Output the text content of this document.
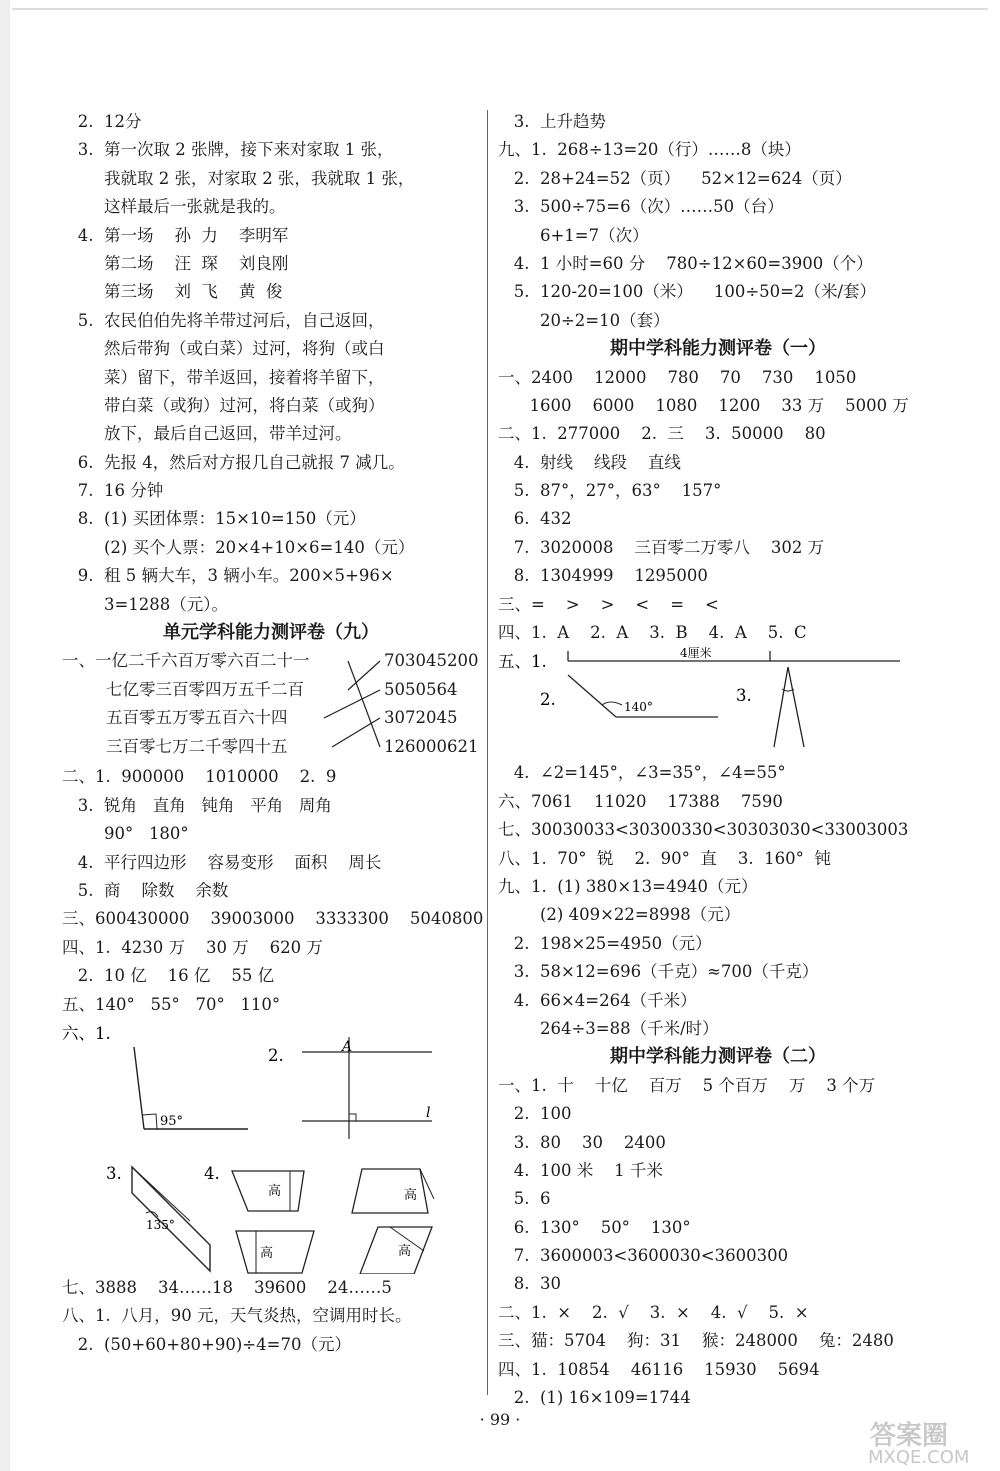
2.  12分
3.  第一次取 2 张牌，接下来对家取 1 张，
我就取 2 张，对家取 2 张，我就取 1 张，
这样最后一张就是我的。
4.  第一场    孙  力    李明军
第二场    汪  琛    刘良刚
第三场    刘  飞    黄  俊
5.  农民伯伯先将羊带过河后，自己返回，
然后带狗（或白菜）过河，将狗（或白
菜）留下，带羊返回，接着将羊留下，
带白菜（或狗）过河，将白菜（或狗）
放下，最后自己返回，带羊过河。
6.  先报 4，然后对方报几自己就报 7 减几。
7.  16 分钟
8.  (1) 买团体票：15×10=150（元）
(2) 买个人票：20×4+10×6=140（元）
9.  租 5 辆大车，3 辆小车。200×5+96×
3=1288（元）。
单元学科能力测评卷（九）
一、一亿二千六百万零六百二十一
七亿零三百零四万五千二百
五百零五万零五百六十四
三百零七万二千零四十五
703045200
5050564
3072045
126000621
二、1.  900000    1010000    2.  9
3.  锐角   直角   钝角   平角   周角
90°   180°
4.  平行四边形    容易变形    面积    周长
5.  商    除数    余数
三、600430000    39003000    3333300    5040800
四、1.  4230 万    30 万    620 万
2.  10 亿    16 亿    55 亿
五、140°   55°   70°   110°
六、1.
95°
2.	A
l
3.
135°
4.
高	高
高	高
七、3888    34……18    39600    24……5
八、1.  八月，90 元，天气炎热，空调用时长。
2.  (50+60+80+90)÷4=70（元）
3.  上升趋势
九、1.  268÷13=20（行）……8（块）
2.  28+24=52（页）    52×12=624（页）
3.  500÷75=6（次）……50（台）
6+1=7（次）
4.  1 小时=60 分    780÷12×60=3900（个）
5.  120-20=100（米）    100÷50=2（米/套）
20÷2=10（套）
期中学科能力测评卷（一）
一、2400    12000    780    70    730    1050
1600    6000    1080    1200    33 万    5000 万
二、1.  277000    2.  三    3.  50000    80
4.  射线    线段    直线
5.  87°，27°，63°    157°
6.  432
7.  3020008    三百零二万零八    302 万
8.  1304999    1295000
三、=    >    >    <    =    <
四、1.  A    2.  A    3.  B    4.  A    5.  C
五、1.	4厘米
2.	140°
3.
4.  ∠2=145°，∠3=35°，∠4=55°
六、7061    11020    17388    7590
七、30030033<30300330<30303030<33003003
八、1.  70°  锐    2.  90°  直    3.  160°  钝
九、1.  (1) 380×13=4940（元）
(2) 409×22=8998（元）
2.  198×25=4950（元）
3.  58×12=696（千克）≈700（千克）
4.  66×4=264（千米）
264÷3=88（千米/时）
期中学科能力测评卷（二）
一、1.  十    十亿    百万    5 个百万    万    3 个万
2.  100
3.  80    30    2400
4.  100 米    1 千米
5.  6
6.  130°    50°    130°
7.  3600003<3600030<3600300
8.  30
二、1.  ×    2.  √    3.  ×    4.  √    5.  ×
三、猫：5704    狗：31    猴：248000    兔：2480
四、1.  10854    46116    15930    5694
2.  (1) 16×109=1744
· 99 ·
答案圈
MXQE.COM
